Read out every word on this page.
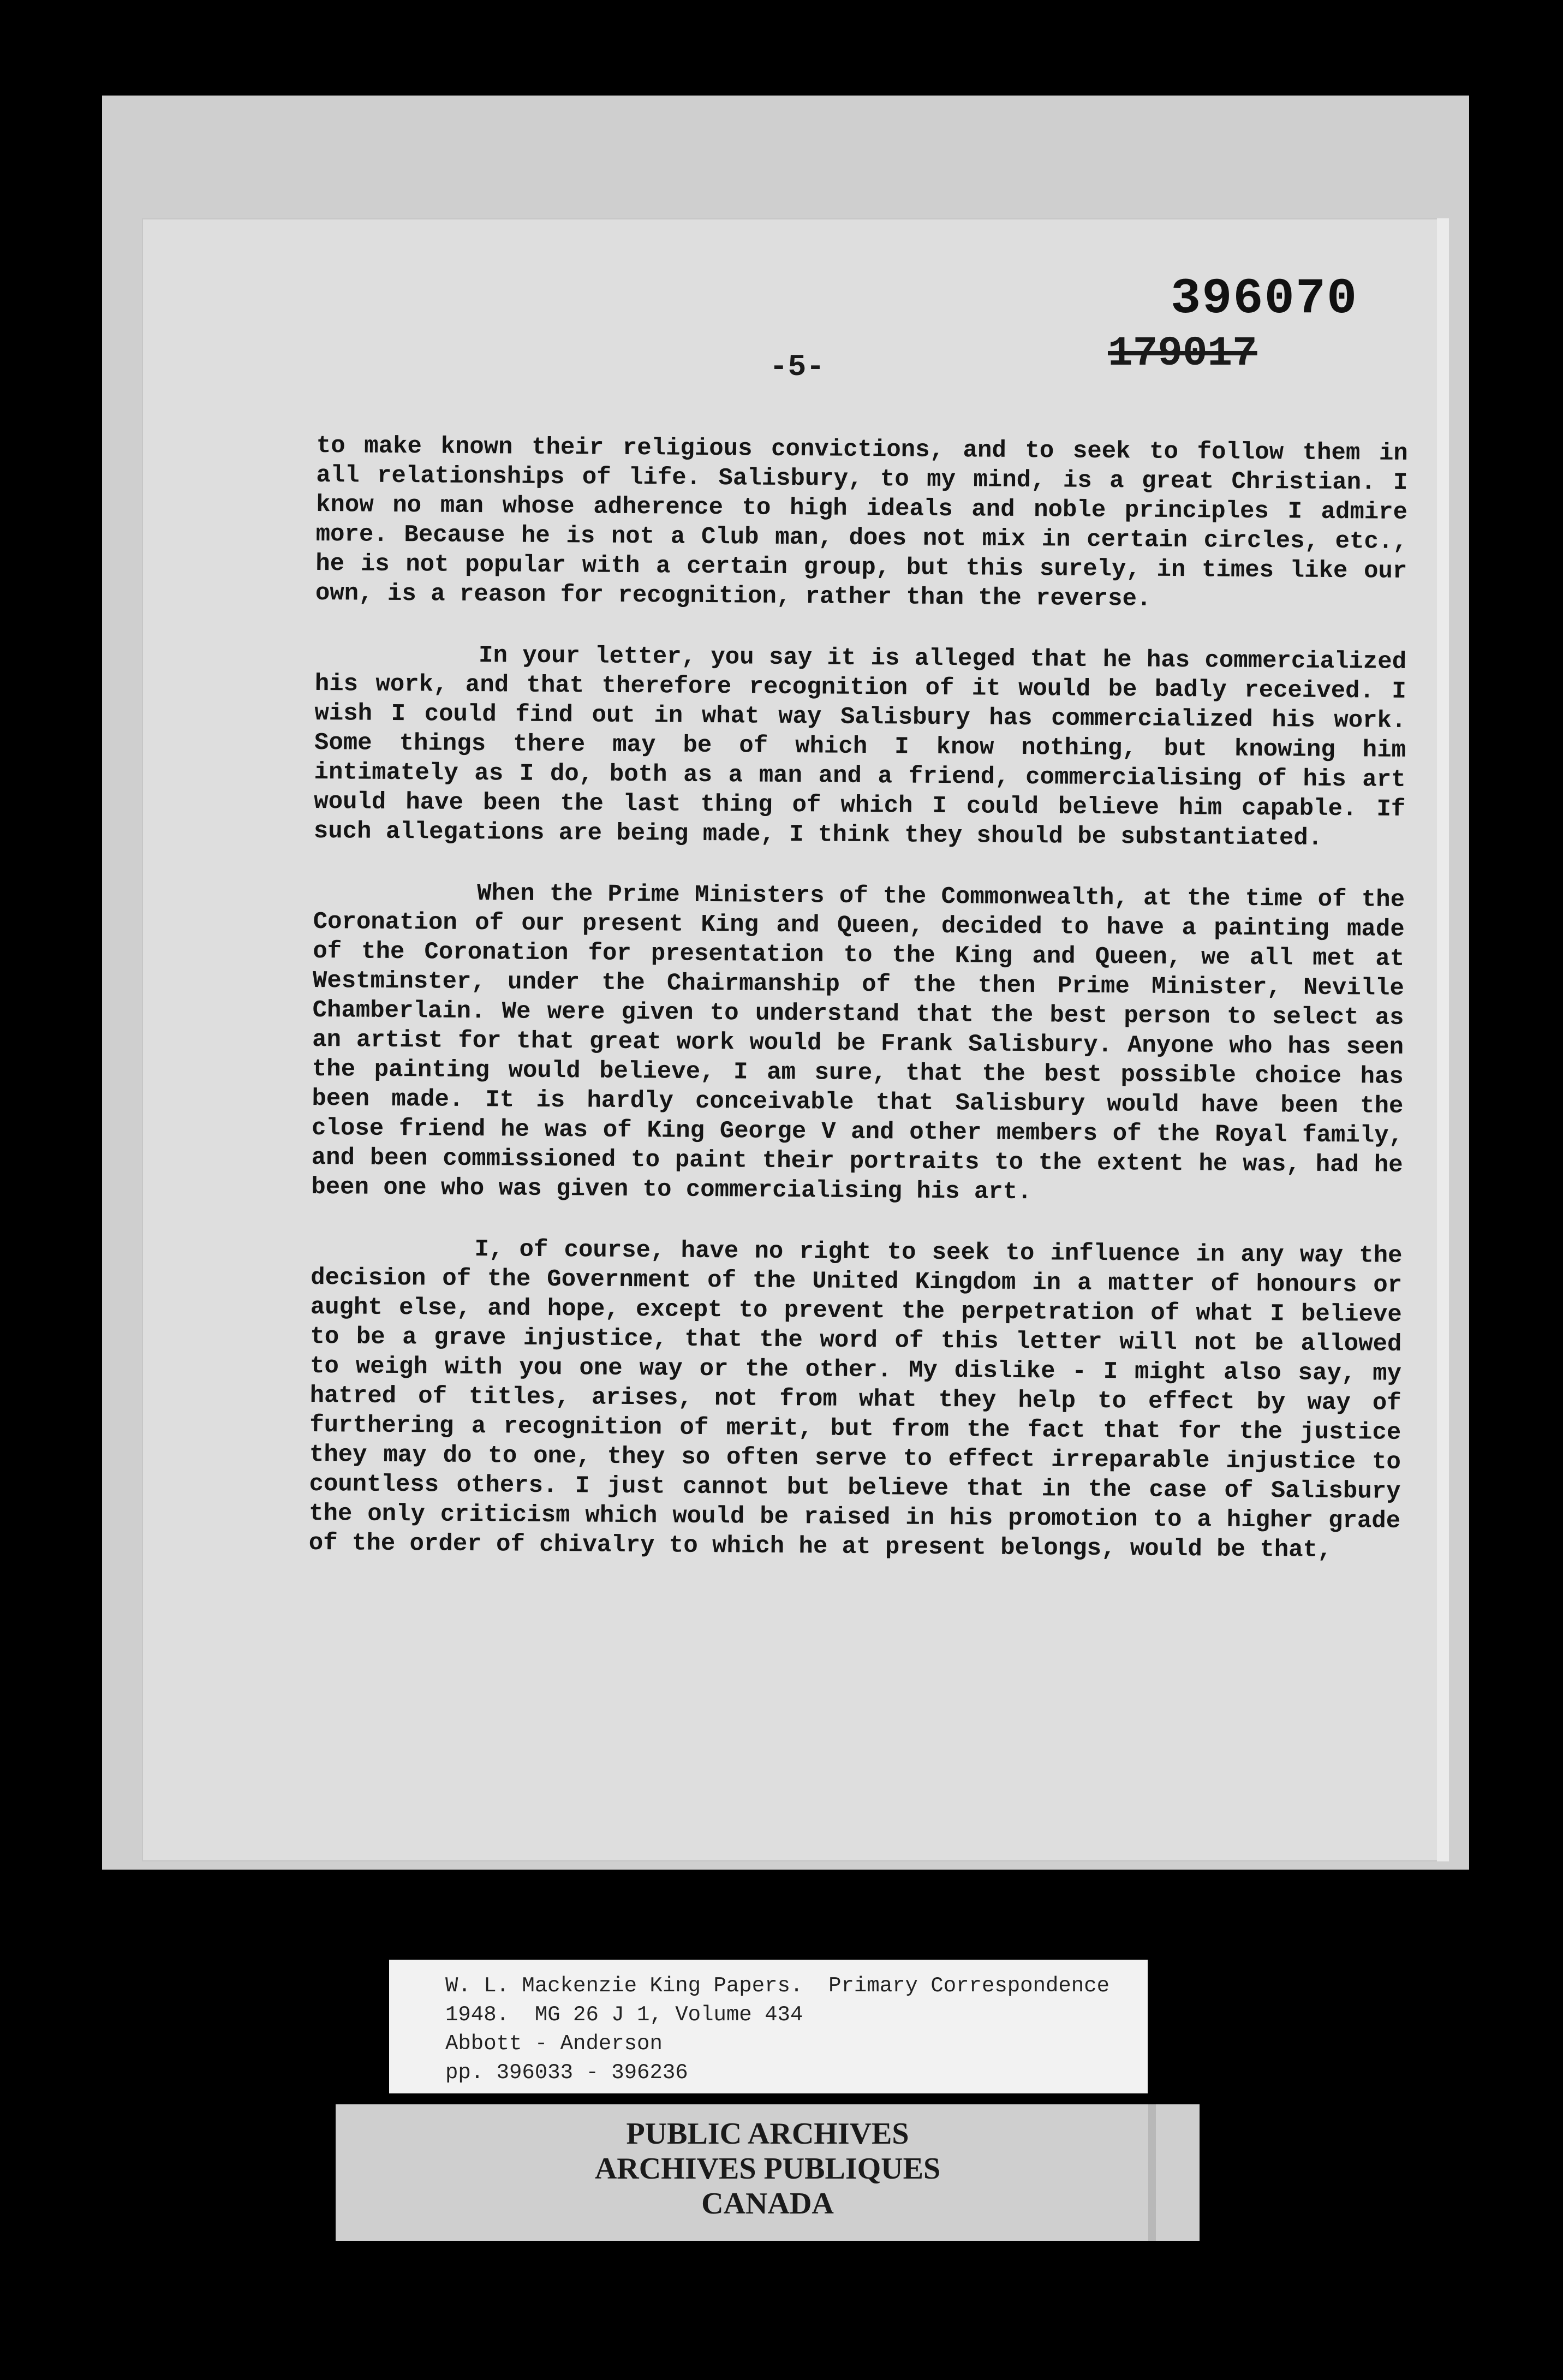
396070
179017
-5-

to make known their religious convictions, and to seek to follow them in all relationships of life. Salisbury, to my mind, is a great Christian. I know no man whose adherence to high ideals and noble principles I admire more. Because he is not a Club man, does not mix in certain circles, etc., he is not popular with a certain group, but this surely, in times like our own, is a reason for recognition, rather than the reverse.

In your letter, you say it is alleged that he has commercialized his work, and that therefore recognition of it would be badly received. I wish I could find out in what way Salisbury has commercialized his work. Some things there may be of which I know nothing, but knowing him intimately as I do, both as a man and a friend, commercialising of his art would have been the last thing of which I could believe him capable. If such allegations are being made, I think they should be substantiated.

When the Prime Ministers of the Commonwealth, at the time of the Coronation of our present King and Queen, decided to have a painting made of the Coronation for presentation to the King and Queen, we all met at Westminster, under the Chairmanship of the then Prime Minister, Neville Chamberlain. We were given to understand that the best person to select as an artist for that great work would be Frank Salisbury. Anyone who has seen the painting would believe, I am sure, that the best possible choice has been made. It is hardly conceivable that Salisbury would have been the close friend he was of King George V and other members of the Royal family, and been commissioned to paint their portraits to the extent he was, had he been one who was given to commercialising his art.

I, of course, have no right to seek to influence in any way the decision of the Government of the United Kingdom in a matter of honours or aught else, and hope, except to prevent the perpetration of what I believe to be a grave injustice, that the word of this letter will not be allowed to weigh with you one way or the other. My dislike - I might also say, my hatred of titles, arises, not from what they help to effect by way of furthering a recognition of merit, but from the fact that for the justice they may do to one, they so often serve to effect irreparable injustice to countless others. I just cannot but believe that in the case of Salisbury the only criticism which would be raised in his promotion to a higher grade of the order of chivalry to which he at present belongs, would be that,

W. L. Mackenzie King Papers.  Primary Correspondence
1948.  MG 26 J 1, Volume 434
Abbott - Anderson
pp. 396033 - 396236
PUBLIC ARCHIVES
ARCHIVES PUBLIQUES
CANADA
